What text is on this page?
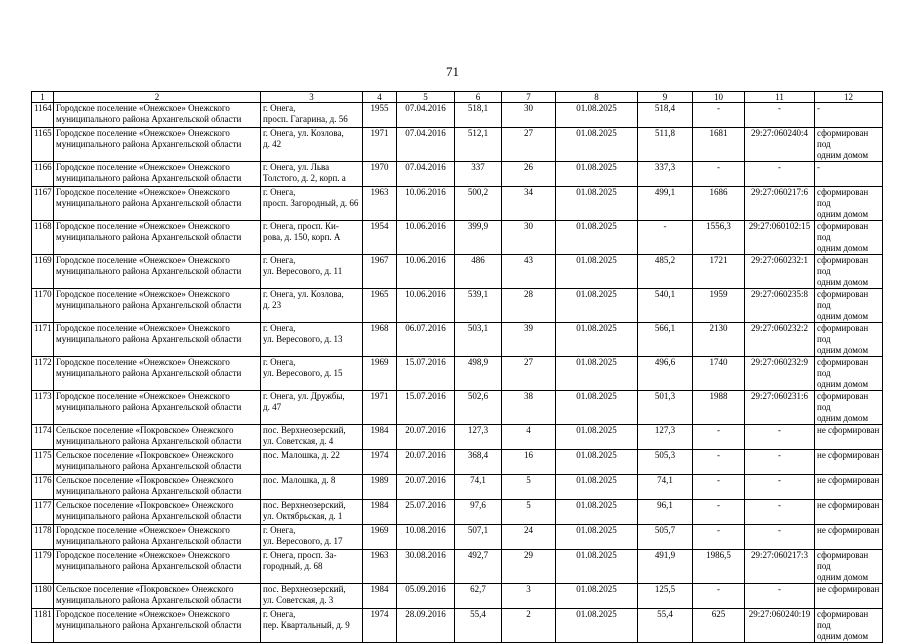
71
1	2	3	4	5	6	7	8	9	10	11	12
1164	Городское поселение «Онежское» Онежского
муниципального района Архангельской области	г. Онега,
просп. Гагарина, д. 56	1955	07.04.2016	518,1	30	01.08.2025	518,4	-	-	-
1165	Городское поселение «Онежское» Онежского
муниципального района Архангельской области	г. Онега, ул. Козлова,
д. 42	1971	07.04.2016	512,1	27	01.08.2025	511,8	1681	29:27:060240:4	сформирован под
одним домом
1166	Городское поселение «Онежское» Онежского
муниципального района Архангельской области	г. Онега, ул. Льва
Толстого, д. 2, корп. а	1970	07.04.2016	337	26	01.08.2025	337,3	-	-	-
1167	Городское поселение «Онежское» Онежского
муниципального района Архангельской области	г. Онега,
просп. Загородный, д. 66	1963	10.06.2016	500,2	34	01.08.2025	499,1	1686	29:27:060217:6	сформирован под
одним домом
1168	Городское поселение «Онежское» Онежского
муниципального района Архангельской области	г. Онега, просп. Ки-
рова, д. 150, корп. А	1954	10.06.2016	399,9	30	01.08.2025	-	1556,3	29:27:060102:15	сформирован под
одним домом
1169	Городское поселение «Онежское» Онежского
муниципального района Архангельской области	г. Онега,
ул. Вересового, д. 11	1967	10.06.2016	486	43	01.08.2025	485,2	1721	29:27:060232:1	сформирован под
одним домом
1170	Городское поселение «Онежское» Онежского
муниципального района Архангельской области	г. Онега, ул. Козлова,
д. 23	1965	10.06.2016	539,1	28	01.08.2025	540,1	1959	29:27:060235:8	сформирован под
одним домом
1171	Городское поселение «Онежское» Онежского
муниципального района Архангельской области	г. Онега,
ул. Вересового, д. 13	1968	06.07.2016	503,1	39	01.08.2025	566,1	2130	29:27:060232:2	сформирован под
одним домом
1172	Городское поселение «Онежское» Онежского
муниципального района Архангельской области	г. Онега,
ул. Вересового, д. 15	1969	15.07.2016	498,9	27	01.08.2025	496,6	1740	29:27:060232:9	сформирован под
одним домом
1173	Городское поселение «Онежское» Онежского
муниципального района Архангельской области	г. Онега, ул. Дружбы,
д. 47	1971	15.07.2016	502,6	38	01.08.2025	501,3	1988	29:27:060231:6	сформирован под
одним домом
1174	Сельское поселение «Покровское» Онежского
муниципального района Архангельской области	пос. Верхнеозерский,
ул. Советская, д. 4	1984	20.07.2016	127,3	4	01.08.2025	127,3	-	-	не сформирован
1175	Сельское поселение «Покровское» Онежского
муниципального района Архангельской области	пос. Малошка, д. 22	1974	20.07.2016	368,4	16	01.08.2025	505,3	-	-	не сформирован
1176	Сельское поселение «Покровское» Онежского
муниципального района Архангельской области	пос. Малошка, д. 8	1989	20.07.2016	74,1	5	01.08.2025	74,1	-	-	не сформирован
1177	Сельское поселение «Покровское» Онежского
муниципального района Архангельской области	пос. Верхнеозерский,
ул. Октябрьская, д. 1	1984	25.07.2016	97,6	5	01.08.2025	96,1	-	-	не сформирован
1178	Городское поселение «Онежское» Онежского
муниципального района Архангельской области	г. Онега,
ул. Вересового, д. 17	1969	10.08.2016	507,1	24	01.08.2025	505,7	-	-	не сформирован
1179	Городское поселение «Онежское» Онежского
муниципального района Архангельской области	г. Онега, просп. За-
городный, д. 68	1963	30.08.2016	492,7	29	01.08.2025	491,9	1986,5	29:27:060217:3	сформирован под
одним домом
1180	Сельское поселение «Покровское» Онежского
муниципального района Архангельской области	пос. Верхнеозерский,
ул. Советская, д. 3	1984	05.09.2016	62,7	3	01.08.2025	125,5	-	-	не сформирован
1181	Городское поселение «Онежское» Онежского
муниципального района Архангельской области	г. Онега,
пер. Квартальный, д. 9	1974	28.09.2016	55,4	2	01.08.2025	55,4	625	29:27:060240:19	сформирован под
одним домом
